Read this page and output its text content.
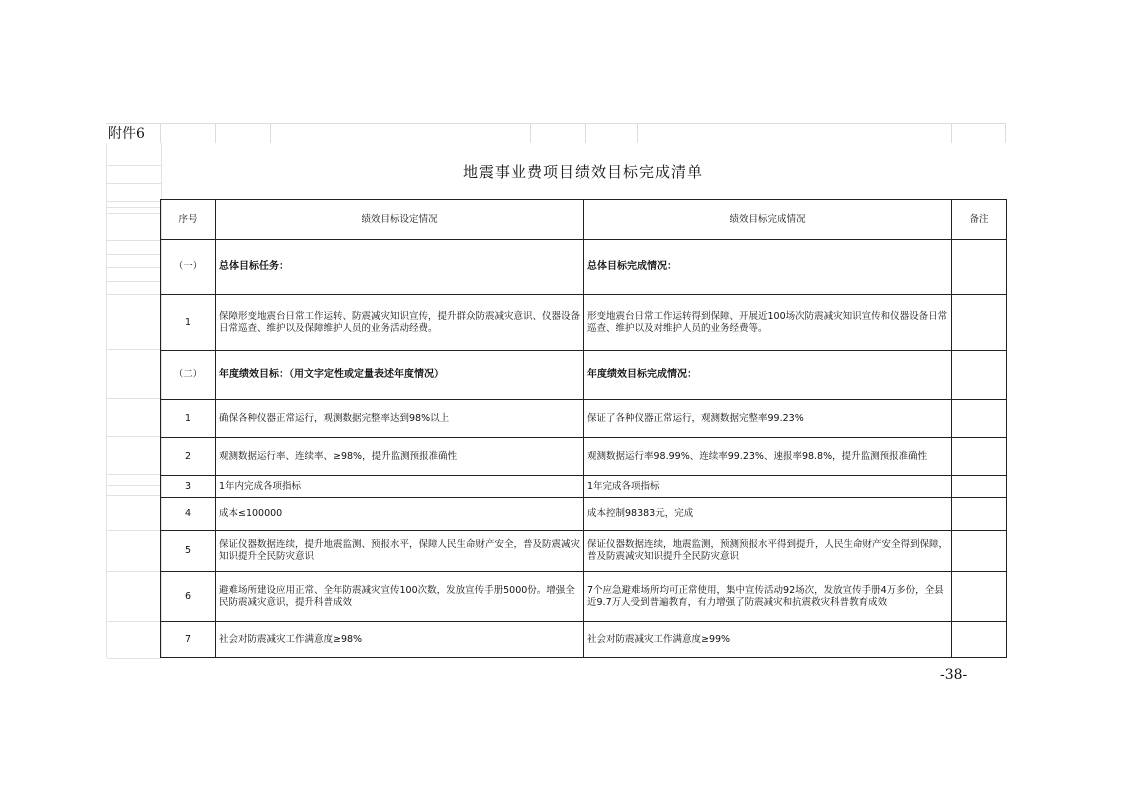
附件6
地震事业费项目绩效目标完成清单
序号	绩效目标设定情况	绩效目标完成情况	备注
（一）	总体目标任务：	总体目标完成情况：	
1	保障形变地震台日常工作运转、防震减灾知识宣传，提升群众防震减灾意识、仪器设备日常巡查、维护以及保障维护人员的业务活动经费。	形变地震台日常工作运转得到保障、开展近100场次防震减灾知识宣传和仪器设备日常巡查、维护以及对维护人员的业务经费等。	
（二）	年度绩效目标：（用文字定性或定量表述年度情况）	年度绩效目标完成情况：	
1	确保各种仪器正常运行，观测数据完整率达到98%以上	保证了各种仪器正常运行，观测数据完整率99.23%	
2	观测数据运行率、连续率、≥98%，提升监测预报准确性	观测数据运行率98.99%、连续率99.23%、速报率98.8%，提升监测预报准确性	
3	1年内完成各项指标	1年完成各项指标	
4	成本≤100000	成本控制98383元，完成	
5	保证仪器数据连续，提升地震监测、预报水平，保障人民生命财产安全，普及防震减灾知识提升全民防灾意识	保证仪器数据连续，地震监测，预测预报水平得到提升，人民生命财产安全得到保障，普及防震减灾知识提升全民防灾意识	
6	避难场所建设应用正常、全年防震减灾宣传100次数，发放宣传手册5000份。增强全民防震减灾意识，提升科普成效	7个应急避难场所均可正常使用，集中宣传活动92场次，发放宣传手册4万多份，全县近9.7万人受到普遍教育，有力增强了防震减灾和抗震救灾科普教育成效	
7	社会对防震减灾工作满意度≥98%	社会对防震减灾工作满意度≥99%	
-38-
